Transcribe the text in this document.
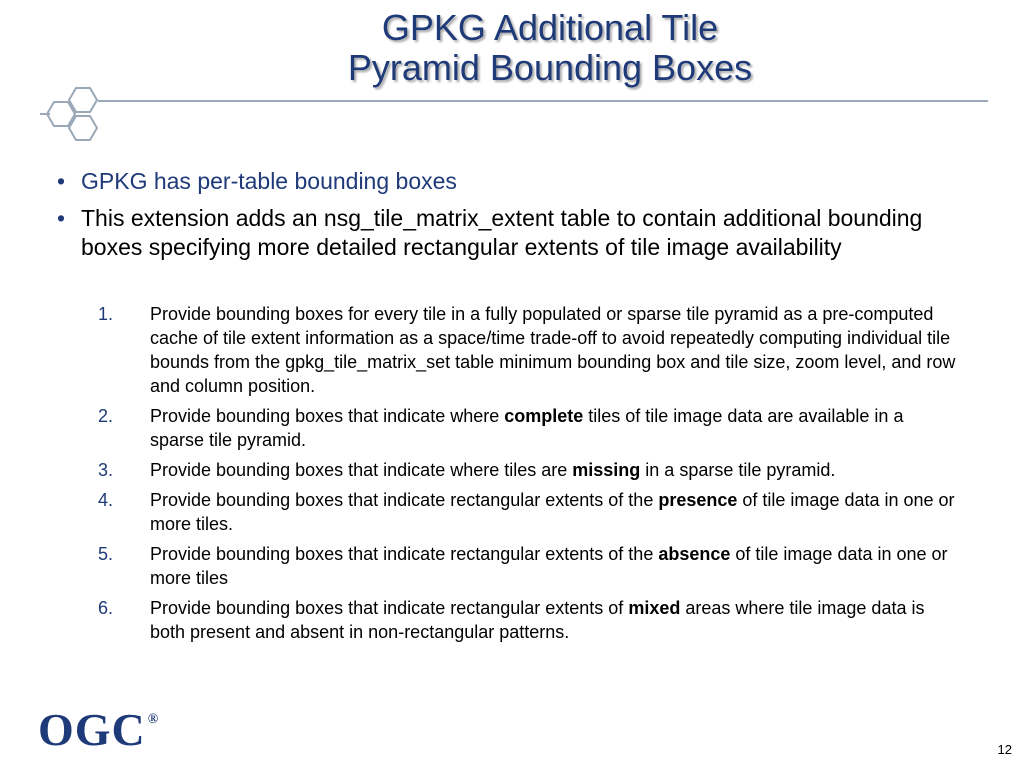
GPKG Additional Tile
Pyramid Bounding Boxes
• GPKG has per-table bounding boxes
• This extension adds an nsg_tile_matrix_extent table to contain additional bounding boxes specifying more detailed rectangular extents of tile image availability
1. Provide bounding boxes for every tile in a fully populated or sparse tile pyramid as a pre-computed cache of tile extent information as a space/time trade-off to avoid repeatedly computing individual tile bounds from the gpkg_tile_matrix_set table minimum bounding box and tile size, zoom level, and row and column position.
2. Provide bounding boxes that indicate where complete tiles of tile image data are available in a sparse tile pyramid.
3. Provide bounding boxes that indicate where tiles are missing in a sparse tile pyramid.
4. Provide bounding boxes that indicate rectangular extents of the presence of tile image data in one or more tiles.
5. Provide bounding boxes that indicate rectangular extents of the absence of tile image data in one or more tiles
6. Provide bounding boxes that indicate rectangular extents of mixed areas where tile image data is both present and absent in non-rectangular patterns.
OGC ®
12
